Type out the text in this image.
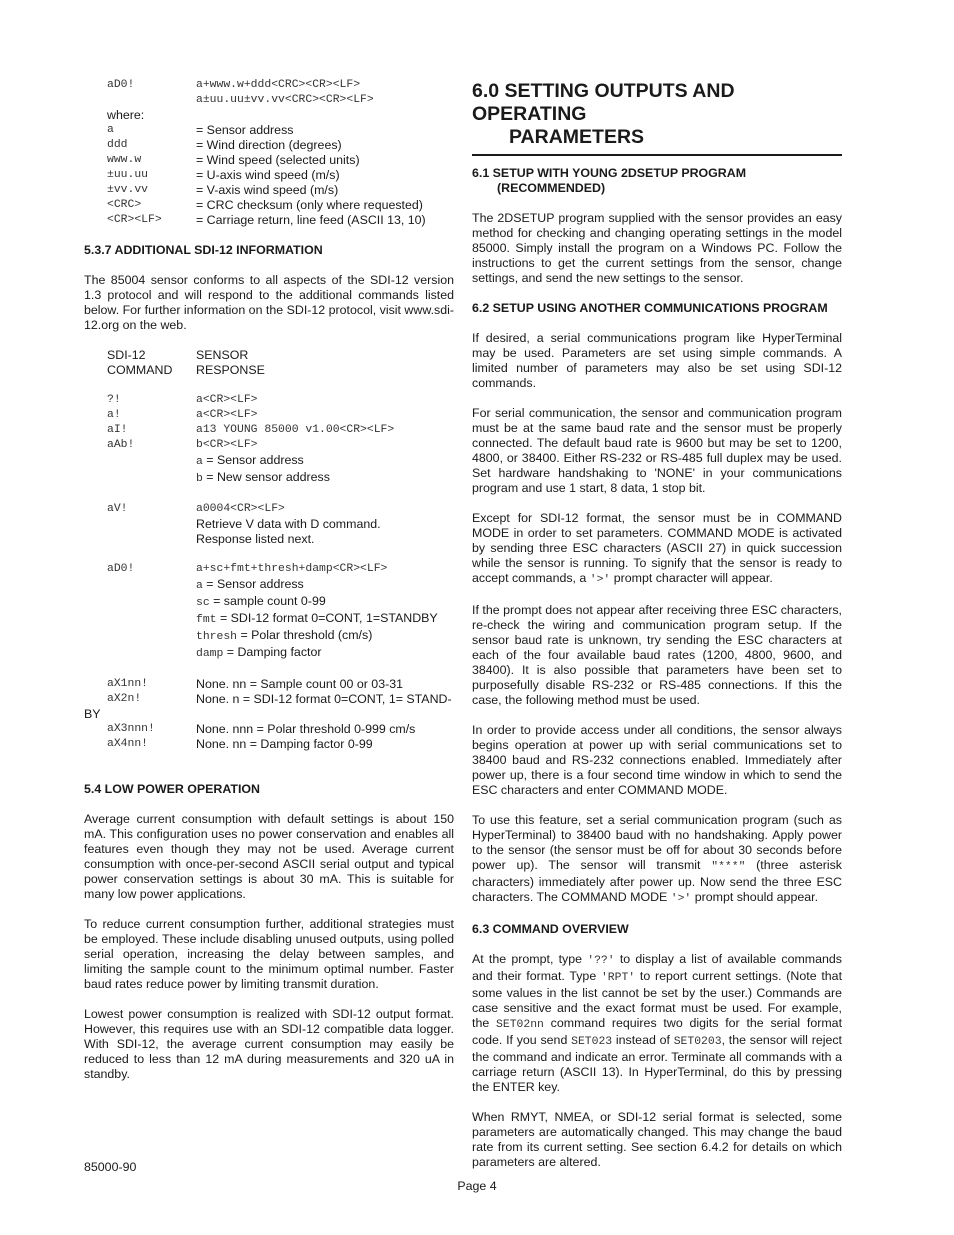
aD0!	a+www.w+ddd<CRC><CR><LF>
a±uu.uu±vv.vv<CRC><CR><LF>
where:
a	= Sensor address
ddd	= Wind direction (degrees)
www.w	= Wind speed (selected units)
±uu.uu	= U-axis wind speed (m/s)
±vv.vv	= V-axis wind speed (m/s)
<CRC>	= CRC checksum (only where requested)
<CR><LF>	= Carriage return, line feed (ASCII 13, 10)
5.3.7 ADDITIONAL SDI-12 INFORMATION

The 85004 sensor conforms to all aspects of the SDI-12 version 1.3 protocol and will respond to the additional commands listed below. For further information on the SDI-12 protocol, visit www.sdi-12.org on the web.

SDI-12	SENSOR
COMMAND	RESPONSE
?!	a<CR><LF>
a!	a<CR><LF>
aI!	a13 YOUNG 85000 v1.00<CR><LF>
aAb!	b<CR><LF>
a = Sensor address
b = New sensor address
aV!	a0004<CR><LF>
Retrieve V data with D command.
Response listed next.
aD0!	a+sc+fmt+thresh+damp<CR><LF>
a = Sensor address
sc = sample count 0-99
fmt = SDI-12 format 0=CONT, 1=STANDBY
thresh = Polar threshold (cm/s)
damp = Damping factor
aX1nn!	None. nn = Sample count 00 or 03-31
aX2n!	None. n = SDI-12 format 0=CONT, 1= STAND-
BY
aX3nnn!	None. nnn = Polar threshold 0-999 cm/s
aX4nn!	None. nn = Damping factor 0-99
5.4 LOW POWER OPERATION

Average current consumption with default settings is about 150 mA. This configuration uses no power conservation and enables all features even though they may not be used. Average current consumption with once-per-second ASCII serial output and typical power conservation settings is about 30 mA. This is suitable for many low power applications.

To reduce current consumption further, additional strategies must be employed. These include disabling unused outputs, using polled serial operation, increasing the delay between samples, and limiting the sample count to the minimum optimal number. Faster baud rates reduce power by limiting transmit duration.

Lowest power consumption is realized with SDI-12 output format. However, this requires use with an SDI-12 compatible data logger. With SDI-12, the average current consumption may easily be reduced to less than 12 mA during measurements and 320 uA in standby.

6.0 SETTING OUTPUTS AND OPERATING
PARAMETERS
6.1 SETUP WITH YOUNG 2DSETUP PROGRAM
(RECOMMENDED)

The 2DSETUP program supplied with the sensor provides an easy method for checking and changing operating settings in the model 85000. Simply install the program on a Windows PC. Follow the instructions to get the current settings from the sensor, change settings, and send the new settings to the sensor.

6.2 SETUP USING ANOTHER COMMUNICATIONS PROGRAM

If desired, a serial communications program like HyperTerminal may be used. Parameters are set using simple commands. A limited number of parameters may also be set using SDI-12 commands.

For serial communication, the sensor and communication program must be at the same baud rate and the sensor must be properly connected. The default baud rate is 9600 but may be set to 1200, 4800, or 38400. Either RS-232 or RS-485 full duplex may be used. Set hardware handshaking to 'NONE' in your communications program and use 1 start, 8 data, 1 stop bit.

Except for SDI-12 format, the sensor must be in COMMAND MODE in order to set parameters. COMMAND MODE is activated by sending three ESC characters (ASCII 27) in quick succession while the sensor is running. To signify that the sensor is ready to accept commands, a '>' prompt character will appear.

If the prompt does not appear after receiving three ESC characters, re-check the wiring and communication program setup. If the sensor baud rate is unknown, try sending the ESC characters at each of the four available baud rates (1200, 4800, 9600, and 38400). It is also possible that parameters have been set to purposefully disable RS-232 or RS-485 connections. If this the case, the following method must be used.

In order to provide access under all conditions, the sensor always begins operation at power up with serial communications set to 38400 baud and RS-232 connections enabled. Immediately after power up, there is a four second time window in which to send the ESC characters and enter COMMAND MODE.

To use this feature, set a serial communication program (such as HyperTerminal) to 38400 baud with no handshaking. Apply power to the sensor (the sensor must be off for about 30 seconds before power up). The sensor will transmit "***" (three asterisk characters) immediately after power up. Now send the three ESC characters. The COMMAND MODE '>' prompt should appear.

6.3 COMMAND OVERVIEW

At the prompt, type '??' to display a list of available commands and their format. Type 'RPT' to report current settings. (Note that some values in the list cannot be set by the user.) Commands are case sensitive and the exact format must be used. For example, the SET02nn command requires two digits for the serial format code. If you send SET023 instead of SET0203, the sensor will reject the command and indicate an error. Terminate all commands with a carriage return (ASCII 13). In HyperTerminal, do this by pressing the ENTER key.

When RMYT, NMEA, or SDI-12 serial format is selected, some parameters are automatically changed. This may change the baud rate from its current setting. See section 6.4.2 for details on which parameters are altered.

85000-90
Page 4
